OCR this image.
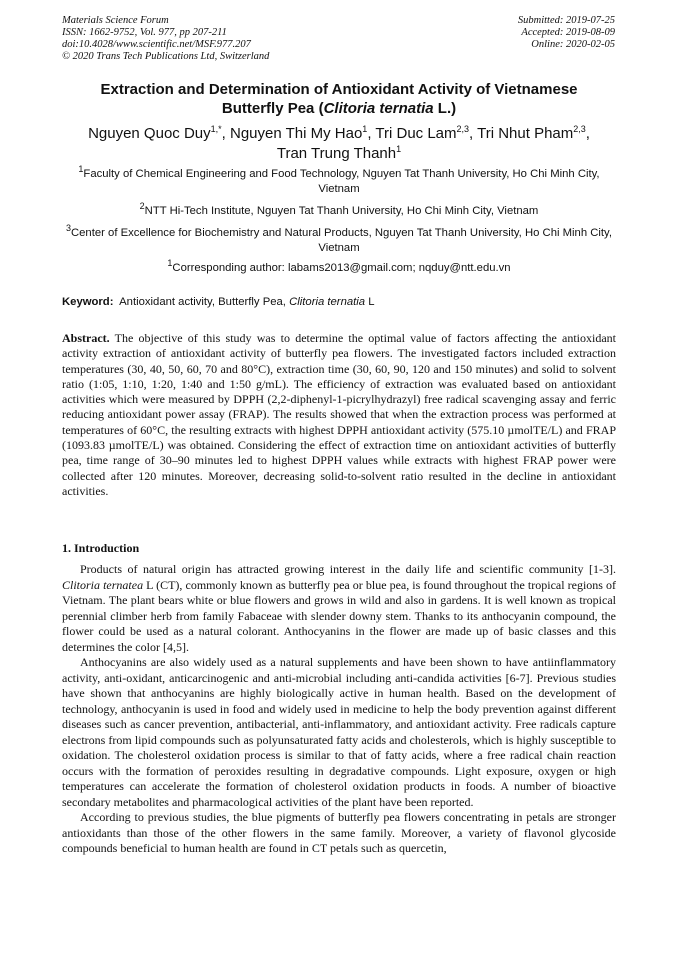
Materials Science Forum
ISSN: 1662-9752, Vol. 977, pp 207-211
doi:10.4028/www.scientific.net/MSF.977.207
© 2020 Trans Tech Publications Ltd, Switzerland
Submitted: 2019-07-25
Accepted: 2019-08-09
Online: 2020-02-05
Extraction and Determination of Antioxidant Activity of Vietnamese
Butterfly Pea (Clitoria ternatia L.)
Nguyen Quoc Duy$^{1,*}$, Nguyen Thi My Hao$^1$, Tri Duc Lam$^{2,3}$, Tri Nhut Pham$^{2,3}$,
Tran Trung Thanh$^1$
$^1$Faculty of Chemical Engineering and Food Technology, Nguyen Tat Thanh University, Ho Chi Minh City, Vietnam
$^2$NTT Hi-Tech Institute, Nguyen Tat Thanh University, Ho Chi Minh City, Vietnam
$^3$Center of Excellence for Biochemistry and Natural Products, Nguyen Tat Thanh University, Ho Chi Minh City, Vietnam
$^1$Corresponding author: labams2013@gmail.com; nqduy@ntt.edu.vn
Keyword:  Antioxidant activity, Butterfly Pea, Clitoria ternatia L
Abstract. The objective of this study was to determine the optimal value of factors affecting the antioxidant activity extraction of antioxidant activity of butterfly pea flowers. The investigated factors included extraction temperatures (30, 40, 50, 60, 70 and 80°C), extraction time (30, 60, 90, 120 and 150 minutes) and solid to solvent ratio (1:05, 1:10, 1:20, 1:40 and 1:50 g/mL). The efficiency of extraction was evaluated based on antioxidant activities which were measured by DPPH (2,2-diphenyl-1-picrylhydrazyl) free radical scavenging assay and ferric reducing antioxidant power assay (FRAP). The results showed that when the extraction process was performed at temperatures of 60°C, the resulting extracts with highest DPPH antioxidant activity (575.10 µmolTE/L) and FRAP (1093.83 µmolTE/L) was obtained. Considering the effect of extraction time on antioxidant activities of butterfly pea, time range of 30–90 minutes led to highest DPPH values while extracts with highest FRAP power were collected after 120 minutes. Moreover, decreasing solid-to-solvent ratio resulted in the decline in antioxidant activities.
1. Introduction

Products of natural origin has attracted growing interest in the daily life and scientific community [1-3]. Clitoria ternatea L (CT), commonly known as butterfly pea or blue pea, is found throughout the tropical regions of Vietnam. The plant bears white or blue flowers and grows in wild and also in gardens. It is well known as tropical perennial climber herb from family Fabaceae with slender downy stem. Thanks to its anthocyanin compound, the flower could be used as a natural colorant. Anthocyanins in the flower are made up of basic classes and this determines the color [4,5].

Anthocyanins are also widely used as a natural supplements and have been shown to have antiinflammatory activity, anti-oxidant, anticarcinogenic and anti-microbial including anti-candida activities [6-7]. Previous studies have shown that anthocyanins are highly biologically active in human health. Based on the development of technology, anthocyanin is used in food and widely used in medicine to help the body prevention against different diseases such as cancer prevention, antibacterial, anti-inflammatory, and antioxidant activity. Free radicals capture electrons from lipid compounds such as polyunsaturated fatty acids and cholesterols, which is highly susceptible to oxidation. The cholesterol oxidation process is similar to that of fatty acids, where a free radical chain reaction occurs with the formation of peroxides resulting in degradative compounds. Light exposure, oxygen or high temperatures can accelerate the formation of cholesterol oxidation products in foods. A number of bioactive secondary metabolites and pharmacological activities of the plant have been reported.

According to previous studies, the blue pigments of butterfly pea flowers concentrating in petals are stronger antioxidants than those of the other flowers in the same family. Moreover, a variety of flavonol glycoside compounds beneficial to human health are found in CT petals such as quercetin,
